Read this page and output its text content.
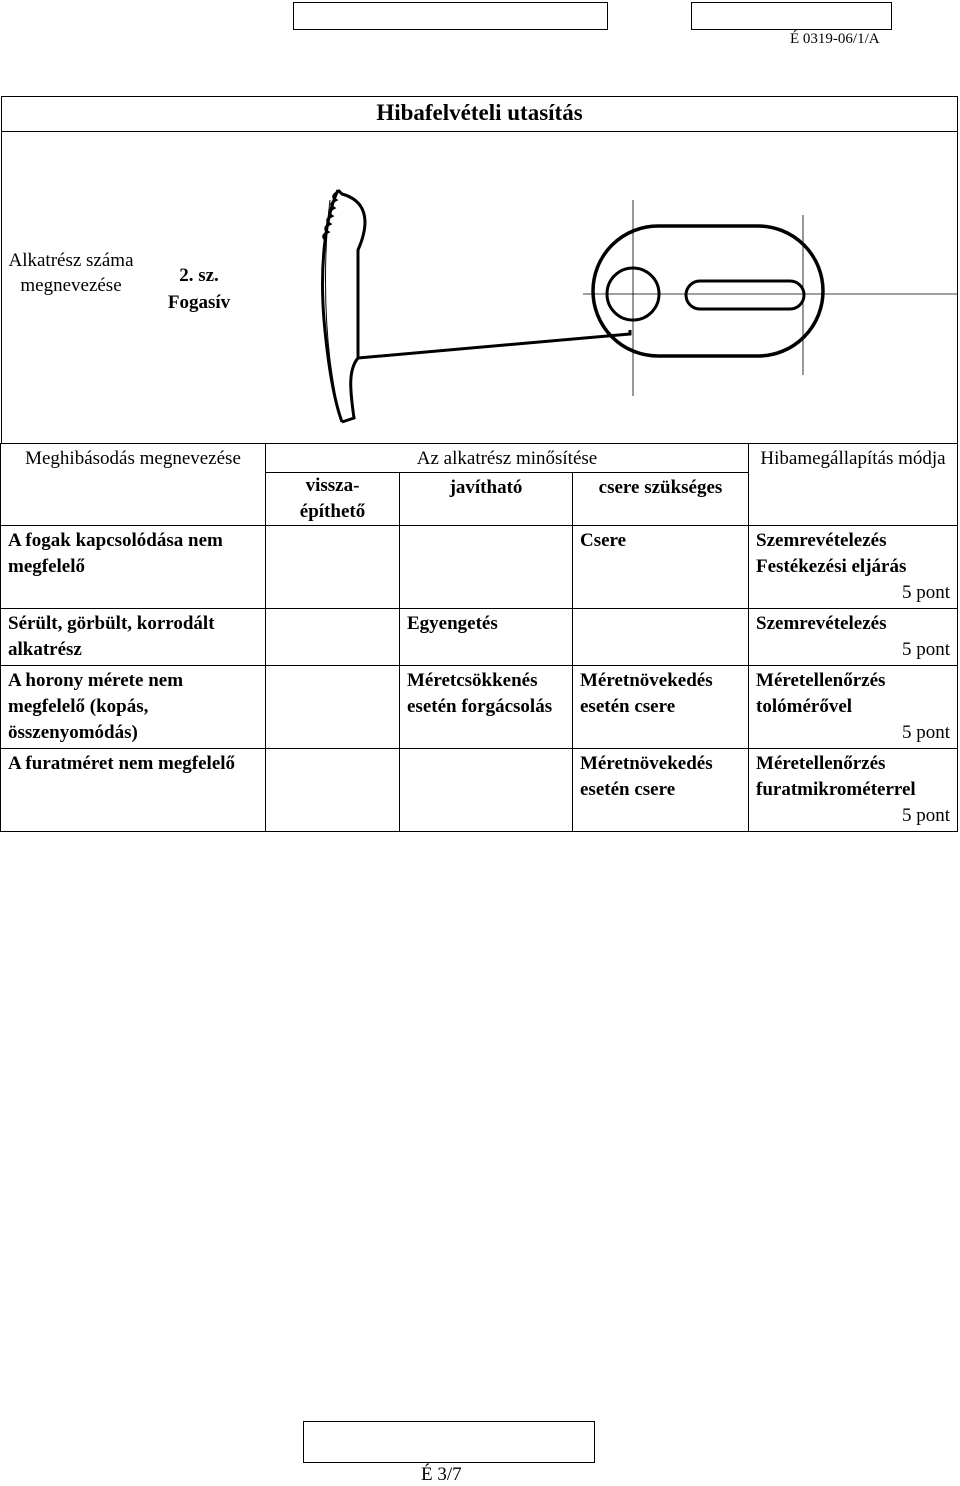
É 0319-06/1/A
Hibafelvételi utasítás
Alkatrész száma megnevezése	2. sz.
Fogasív
Meghibásodás megnevezése	Az alkatrész minősítése			Hibamegállapítás módja
	vissza-építhető	javítható	csere szükséges	
A fogak kapcsolódása nem megfelelő			Csere	Szemrevételezés Festékezési eljárás
5 pont

Sérült, görbült, korrodált alkatrész		Egyengetés		Szemrevételezés
5 pont

A horony mérete nem megfelelő (kopás, összenyomódás)		Méretcsökkenés esetén forgácsolás	Méretnövekedés esetén csere	Méretellenőrzés tolómérővel
5 pont

A furatméret nem megfelelő			Méretnövekedés esetén csere	Méretellenőrzés furatmikrométerrel
5 pont
É 3/7
